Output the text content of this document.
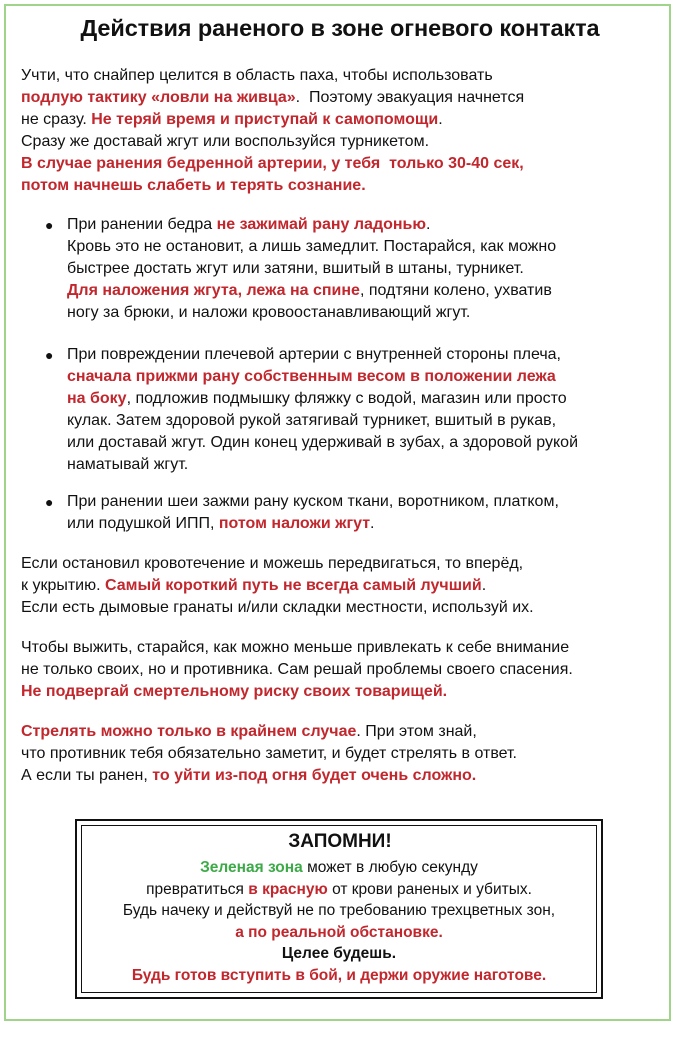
Действия раненого в зоне огневого контакта
Учти, что снайпер целится в область паха, чтобы использовать
подлую тактику «ловли на живца».  Поэтому эвакуация начнется
не сразу. Не теряй время и приступай к самопомощи.
Сразу же доставай жгут или воспользуйся турникетом.
В случае ранения бедренной артерии, у тебя  только 30-40 сек,
потом начнешь слабеть и терять сознание.
● При ранении бедра не зажимай рану ладонью.
Кровь это не остановит, а лишь замедлит. Постарайся, как можно
быстрее достать жгут или затяни, вшитый в штаны, турникет.
Для наложения жгута, лежа на спине, подтяни колено, ухватив
ногу за брюки, и наложи кровоостанавливающий жгут.
● При повреждении плечевой артерии с внутренней стороны плеча,
сначала прижми рану собственным весом в положении лежа
на боку, подложив подмышку фляжку с водой, магазин или просто
кулак. Затем здоровой рукой затягивай турникет, вшитый в рукав,
или доставай жгут. Один конец удерживай в зубах, а здоровой рукой
наматывай жгут.
● При ранении шеи зажми рану куском ткани, воротником, платком,
или подушкой ИПП, потом наложи жгут.
Если остановил кровотечение и можешь передвигаться, то вперёд,
к укрытию. Самый короткий путь не всегда самый лучший.
Если есть дымовые гранаты и/или складки местности, используй их.
Чтобы выжить, старайся, как можно меньше привлекать к себе внимание
не только своих, но и противника. Сам решай проблемы своего спасения.
Не подвергай смертельному риску своих товарищей.
Стрелять можно только в крайнем случае. При этом знай,
что противник тебя обязательно заметит, и будет стрелять в ответ.
А если ты ранен, то уйти из-под огня будет очень сложно.
ЗАПОМНИ!
Зеленая зона может в любую секунду
превратиться в красную от крови раненых и убитых.
Будь начеку и действуй не по требованию трехцветных зон,
а по реальной обстановке.
Целее будешь.
Будь готов вступить в бой, и держи оружие наготове.
